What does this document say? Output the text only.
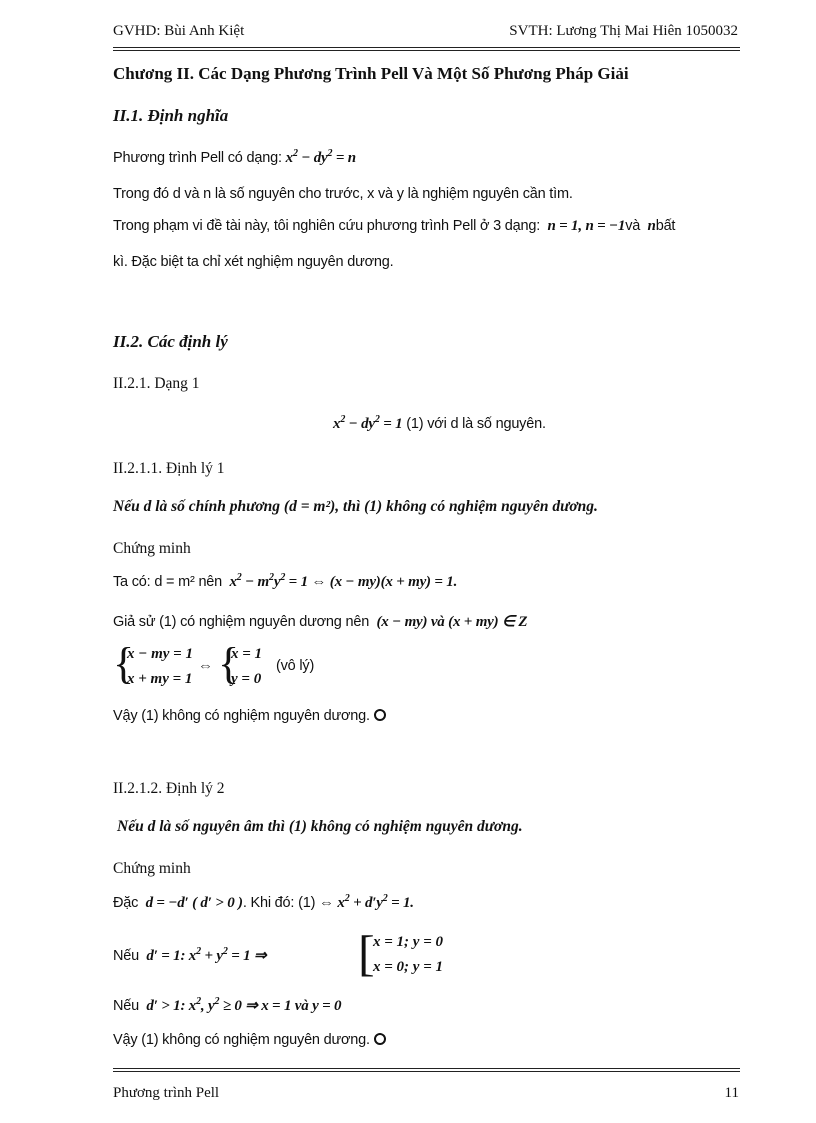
GVHD: Bùi Anh Kiệt	SVTH: Lương Thị Mai Hiên 1050032
Chương II. Các Dạng Phương Trình Pell Và Một Số Phương Pháp Giải
II.1. Định nghĩa
Phương trình Pell có dạng: $x^2 - dy^2 = n$
Trong đó d và n là số nguyên cho trước, x và y là nghiệm nguyên cần tìm.
Trong phạm vi đề tài này, tôi nghiên cứu phương trình Pell ở 3 dạng:  n = 1, n = −1và  nbất
kì. Đặc biệt ta chỉ xét nghiệm nguyên dương.
II.2. Các định lý
II.2.1. Dạng 1
$x^2 - dy^2 = 1$ (1) với d là số nguyên.
II.2.1.1. Định lý 1
Nếu d là số chính phương (d = m²), thì (1) không có nghiệm nguyên dương.
Chứng minh
Ta có: d = m² nên  $x^2 - m^2y^2 = 1$ ⇔ (x − my)(x + my) = 1.
Giả sử (1) có nghiệm nguyên dương nên  (x − my) và (x + my) ∈ Z
{
x − my = 1
x + my = 1
⇔ {
x = 1
y = 0
(vô lý)
Vậy (1) không có nghiệm nguyên dương.
II.2.1.2. Định lý 2
Nếu d là số nguyên âm thì (1) không có nghiệm nguyên dương.
Chứng minh
Đặc  d = −d′ ( d′ > 0 ). Khi đó: (1) ⇔ $x^2 + d'y^2 = 1$.
Nếu  d′ = 1: $x^2 + y^2 = 1$ ⇒ [
x = 1; y = 0
x = 0; y = 1
Nếu  d′ > 1: $x^2$, $y^2 \ge 0$ ⇒ x = 1 và y = 0
Vậy (1) không có nghiệm nguyên dương.
Phương trình Pell	11
